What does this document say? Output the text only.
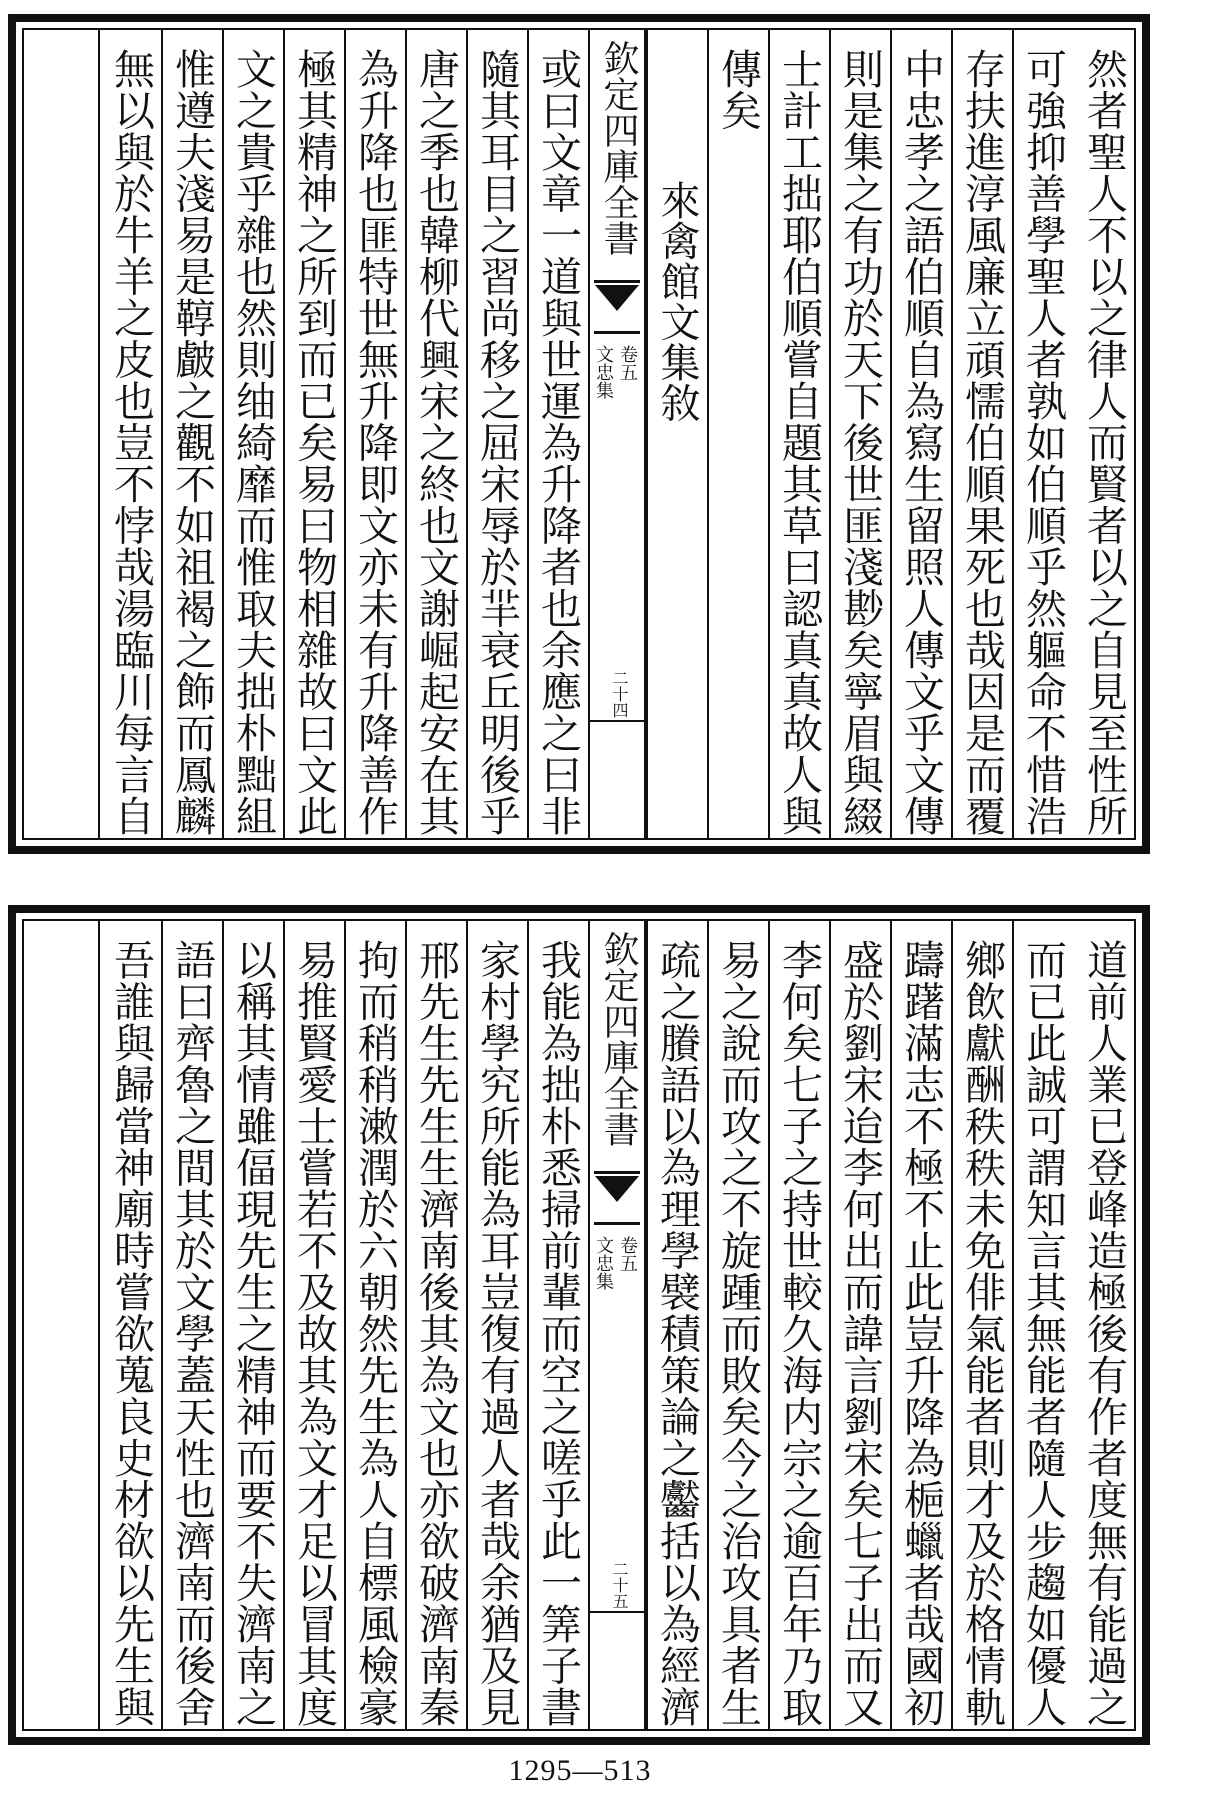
然者聖人不以之律人而賢者以之自見至性所
可強抑善學聖人者孰如伯順乎然軀命不惜浩
存扶進淳風廉立頑懦伯順果死也哉因是而覆
中忠孝之語伯順自為寫生留照人傳文乎文傳
則是集之有功於天下後世匪淺尠矣寧眉與綴
士計工拙耶伯順嘗自題其草曰認真真故人與
傳矣
來禽館文集敘
欽定四庫全書
文忠集 卷五
二十四
或曰文章一道與世運為升降者也余應之曰非
隨其耳目之習尚移之屈宋辱於羋衰丘明後乎
唐之季也韓柳代興宋之終也文謝崛起安在其
為升降也匪特世無升降即文亦未有升降善作
極其精神之所到而已矣易曰物相雜故曰文此
文之貴乎雜也然則䌷綺靡而惟取夫拙朴黜組
惟遵夫淺易是鞟皻之觀不如祖褐之飾而鳳麟
無以與於牛羊之皮也豈不悖哉湯臨川每言自
道前人業已登峰造極後有作者度無有能過之
而已此誠可謂知言其無能者隨人步趨如優人
鄉飲獻酬秩秩未免俳氣能者則才及於格情軌
躊躇滿志不極不止此豈升降為梔蠟者哉國初
盛於劉宋迨李何出而諱言劉宋矣七子出而又
李何矣七子之持世較久海内宗之逾百年乃取
易之說而攻之不旋踵而敗矣今之治攻具者生
疏之賸語以為理學襞積策論之齾括以為經濟
欽定四庫全書
文忠集 卷五
二十五
我能為拙朴悉掃前輩而空之嗟乎此一筭子書
家村學究所能為耳豈復有過人者哉余猶及見
邢先生先生生濟南後其為文也亦欲破濟南秦
拘而稍稍潄潤於六朝然先生為人自標風檢豪
易推賢愛士嘗若不及故其為文才足以冒其度
以稱其情雖偪現先生之精神而要不失濟南之
語曰齊魯之間其於文學蓋天性也濟南而後舍
吾誰與歸當神廟時嘗欲蒐良史材欲以先生與
1295—513
